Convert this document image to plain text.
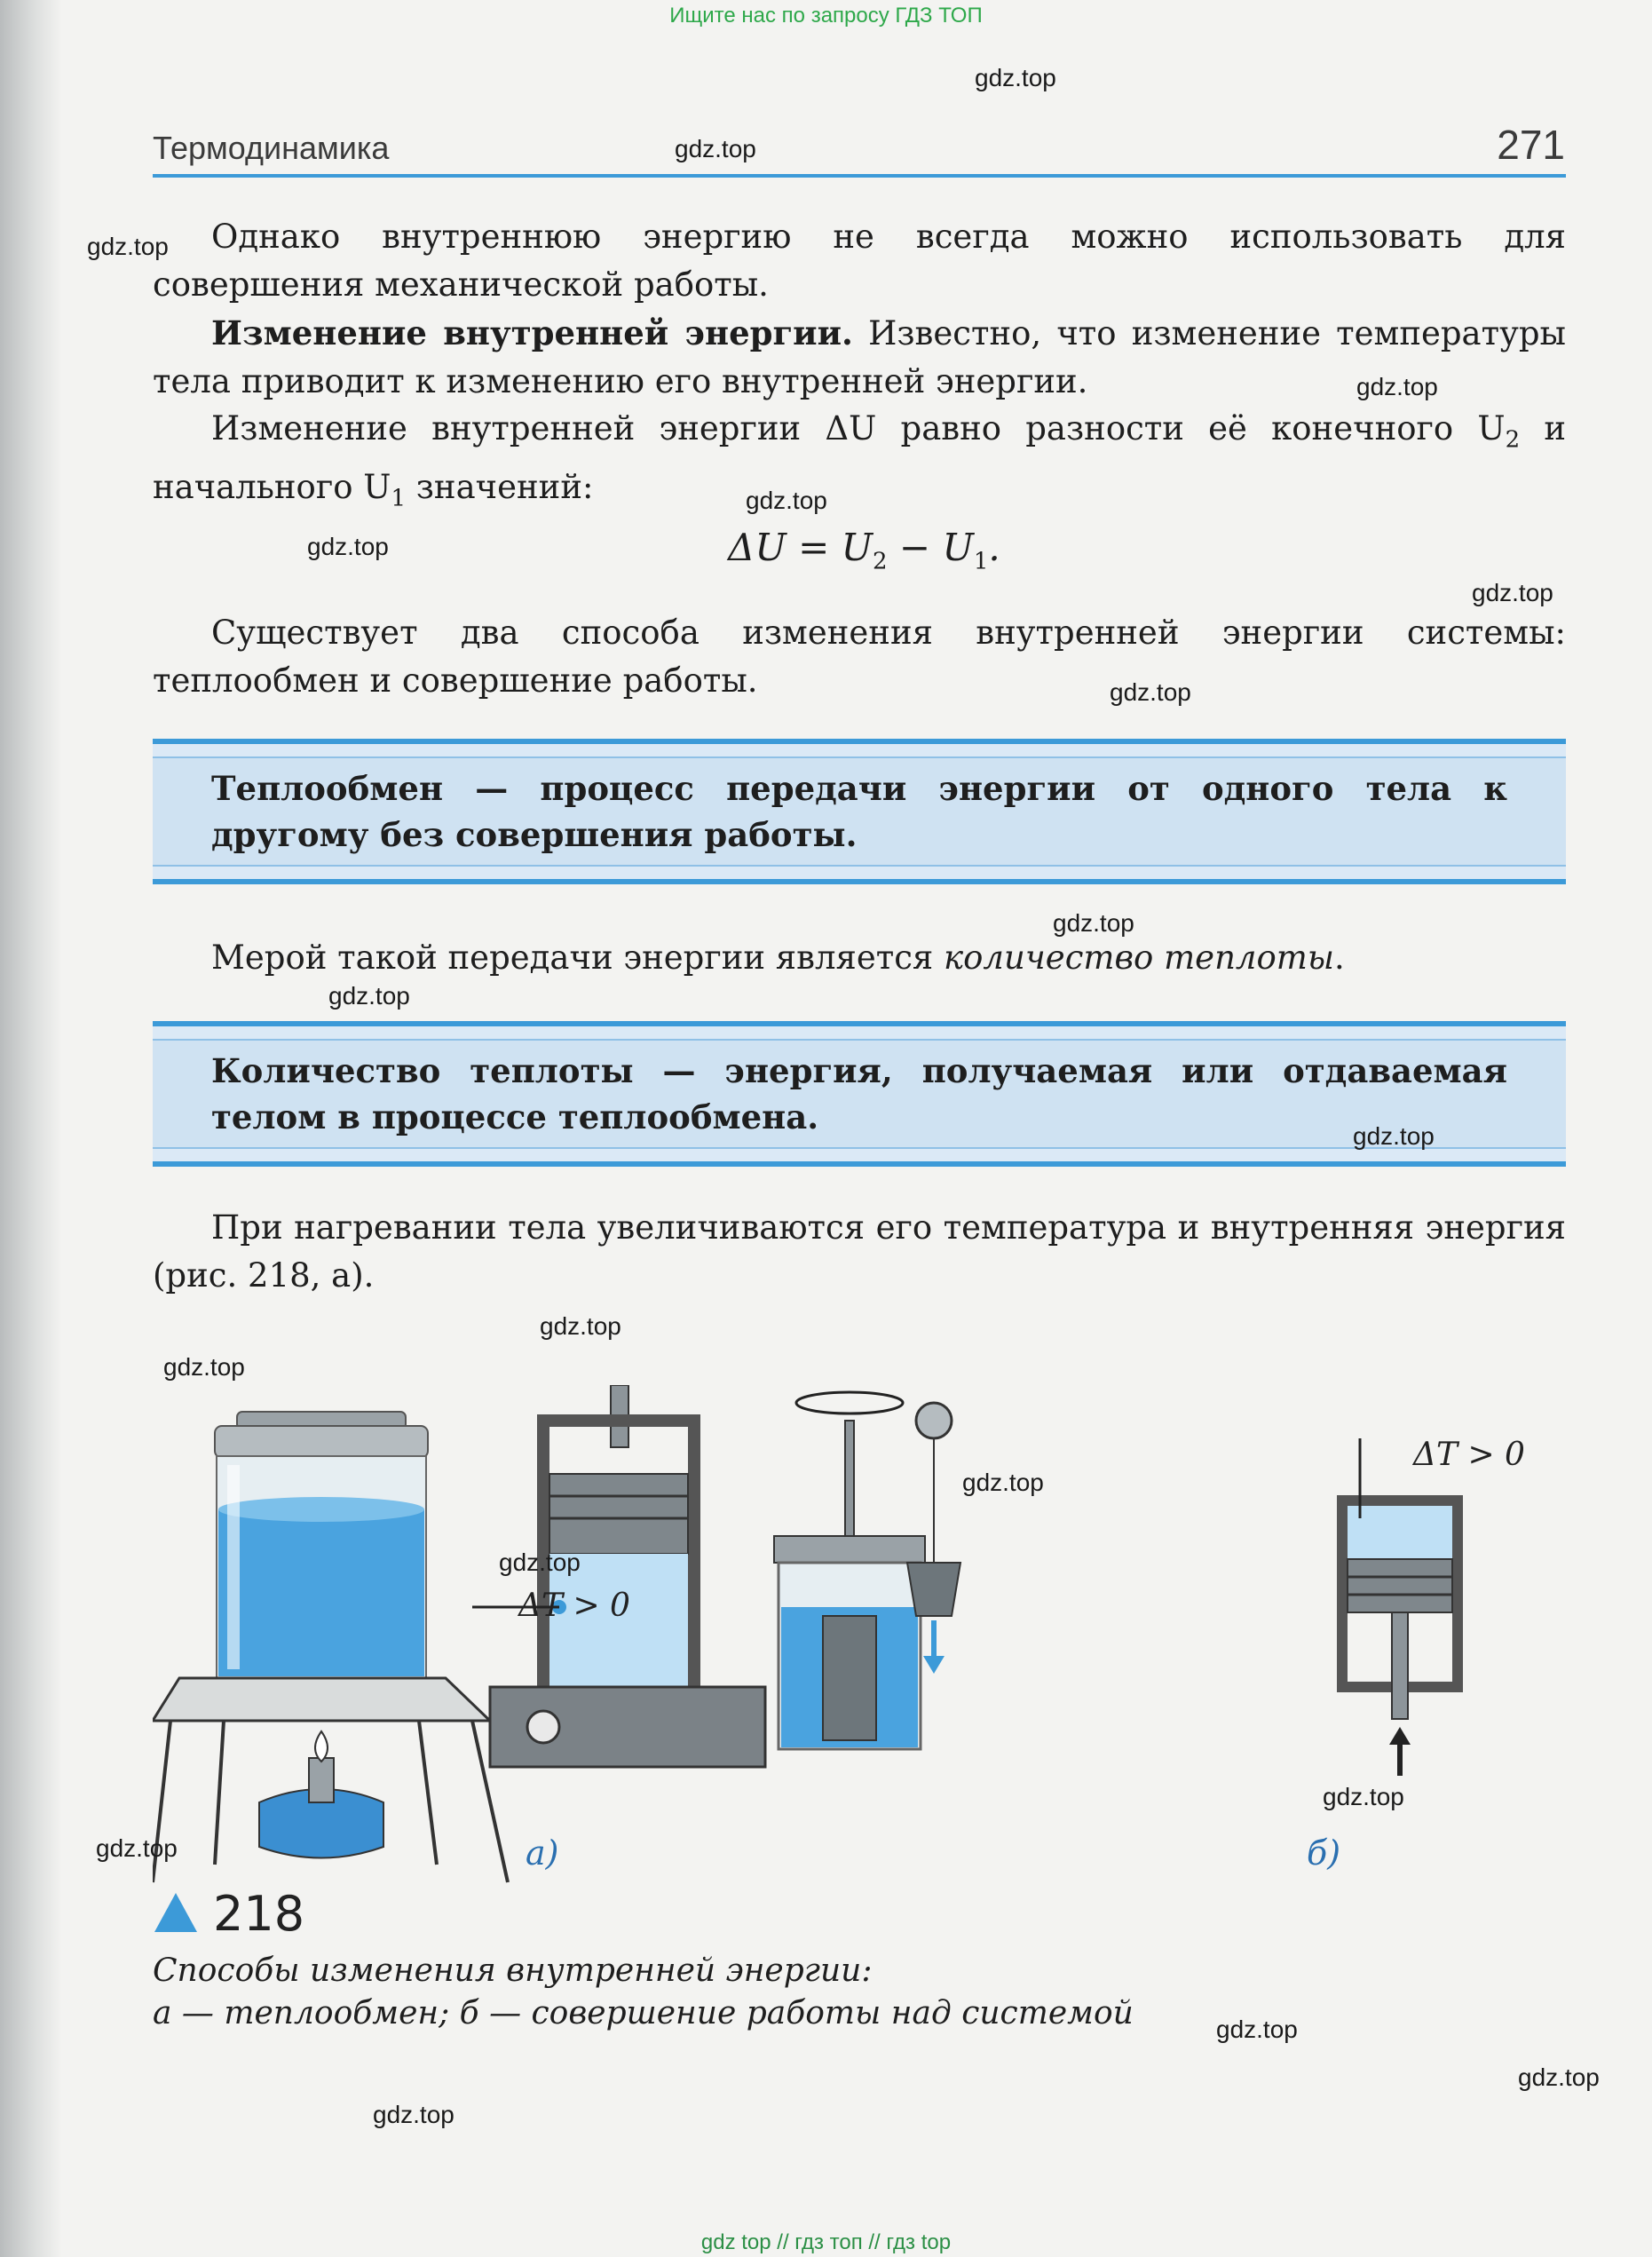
Ищите нас по запросу ГДЗ ТОП
Термодинамика	271

Однако внутреннюю энергию не всегда можно использовать для совершения механической работы.

Изменение внутренней энергии. Известно, что изменение температуры тела приводит к изменению его внутренней энергии.

Изменение внутренней энергии ΔU равно разности её конечного $U_2$ и начального $U_1$ значений:

$\Delta U = U_2 - U_1$.

Существует два способа изменения внутренней энергии системы: теплообмен и совершение работы.

Теплообмен — процесс передачи энергии от одного тела к другому без совершения работы.

Мерой такой передачи энергии является количество теплоты.

Количество теплоты — энергия, получаемая или отдаваемая телом в процессе теплообмена.

При нагревании тела увеличиваются его температура и внутренняя энергия (рис. 218, а).

ΔT > 0
ΔT > 0
а)	б)
218
Способы изменения внутренней энергии:
а — теплообмен; б — совершение работы над системой
gdz.top
gdz.top
gdz.top
gdz.top
gdz.top
gdz.top
gdz.top
gdz.top
gdz.top
gdz.top
gdz.top
gdz.top
gdz.top
gdz.top
gdz.top
gdz.top
gdz.top
gdz.top
gdz.top
gdz.top
gdz top // гдз топ // гдз top
